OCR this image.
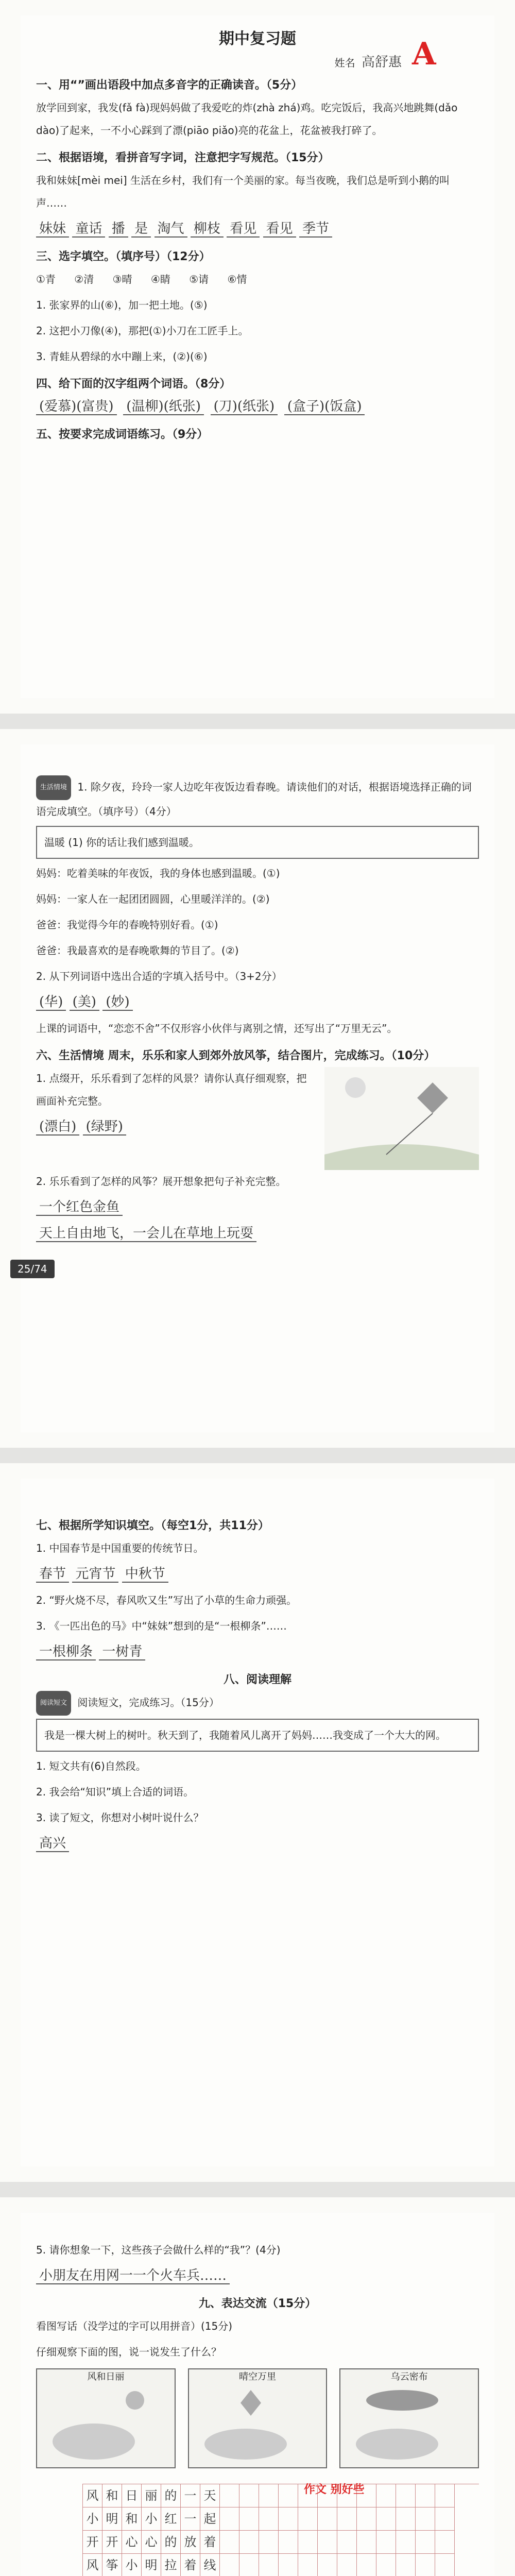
期中复习题
姓名 高舒惠
一、用“”画出语段中加点多音字的正确读音。（5分）

放学回到家，我发(fǎ fà)现妈妈做了我爱吃的炸(zhà zhá)鸡。吃完饭后，我高兴地跳舞(dǎo dào)了起来，一不小心踩到了漂(piāo piǎo)亮的花盆上，花盆被我打碎了。

二、根据语境，看拼音写字词，注意把字写规范。（15分）

我和妹妹[mèi mei] 生活在乡村，我们有一个美丽的家。每当夜晚，我们总是听到小鹅的叫声……

妹妹 童话 播 是 淘气 柳枝 看见 看见 季节

三、选字填空。（填序号）（12分）
①青 ②清 ③晴 ④睛 ⑤请 ⑥情

1. 张家界的山(⑥)，加一把土地。(⑤)

2. 这把小刀像(④)，那把(①)小刀在工匠手上。

3. 青蛙从碧绿的水中蹦上来，(②)(⑥)

四、给下面的汉字组两个词语。（8分）

(爱慕)(富贵) (温柳)(纸张) (刀)(纸张) (盒子)(饭盒)

五、按要求完成词语练习。（9分）
A

生活情境 1. 除夕夜，玲玲一家人边吃年夜饭边看春晚。请读他们的对话，根据语境选择正确的词语完成填空。（填序号）（4分）

温暖 (1) 你的话让我们感到温暖。

妈妈：吃着美味的年夜饭，我的身体也感到温暖。(①)

妈妈：一家人在一起团团圆圆，心里暖洋洋的。(②)

爸爸：我觉得今年的春晚特别好看。(①)

爸爸：我最喜欢的是春晚歌舞的节目了。(②)

2. 从下列词语中选出合适的字填入括号中。（3+2分）

(华) (美) (妙)

上课的词语中，“恋恋不舍”不仅形容小伙伴与离别之情，还写出了“万里无云”。

六、生活情境 周末，乐乐和家人到郊外放风筝，结合图片，完成练习。（10分）

1. 点缀开，乐乐看到了怎样的风景？请你认真仔细观察，把画面补充完整。

(漂白) (绿野)

2. 乐乐看到了怎样的风筝？展开想象把句子补充完整。

一个红色金鱼

天上自由地飞，一会儿在草地上玩耍

25/74
七、根据所学知识填空。（每空1分，共11分）

1. 中国春节是中国重要的传统节日。

春节 元宵节 中秋节

2. “野火烧不尽，春风吹又生”写出了小草的生命力顽强。

3. 《一匹出色的马》中“妹妹”想到的是“一根柳条”……

一根柳条 一树青

八、阅读理解

阅读短文 阅读短文，完成练习。（15分）

我是一棵大树上的树叶。秋天到了，我随着风儿离开了妈妈……我变成了一个大大的网。

1. 短文共有(6)自然段。

2. 我会给“知识”填上合适的词语。

3. 读了短文，你想对小树叶说什么？

高兴

5. 请你想象一下，这些孩子会做什么样的“我”？(4分)

小朋友在用网一一个火车兵……

九、表达交流（15分）

看图写话（没学过的字可以用拼音）(15分)

仔细观察下面的图，说一说发生了什么？

风和日丽	晴空万里	乌云密布
作文 别好些
风 和 日 丽 的 一 天
小 明 和 小 红 一 起
开 开 心 心 的 放 着
风 筝 小 明 拉 着 线
